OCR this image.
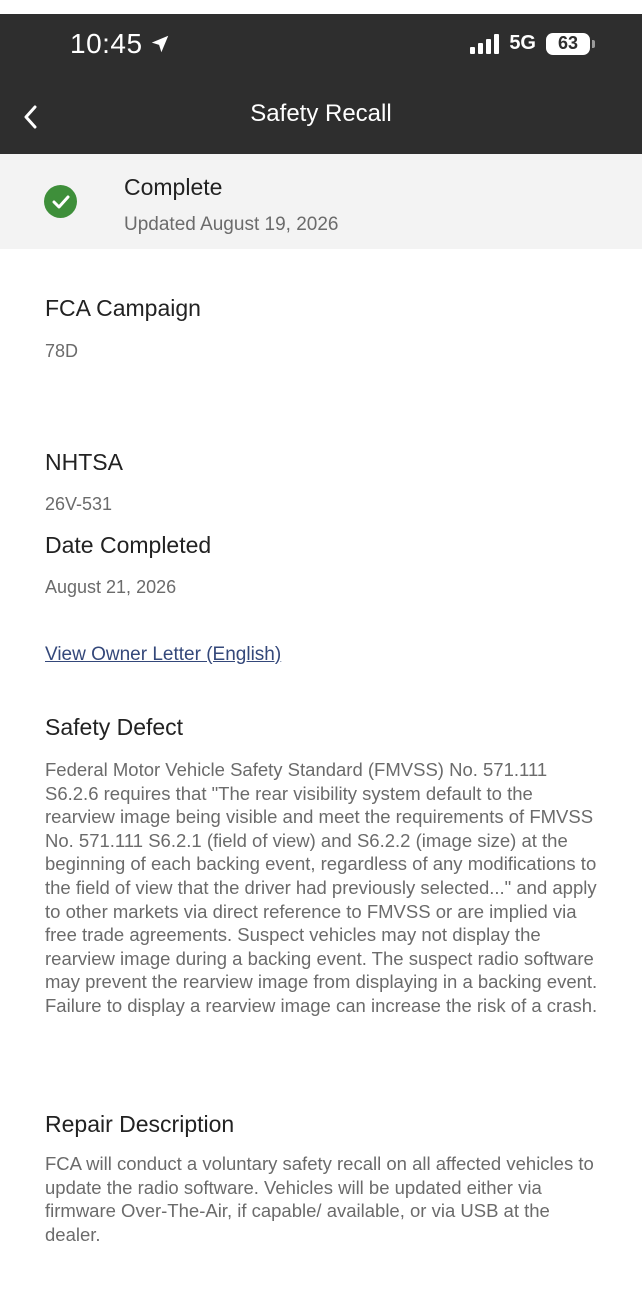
10:45	5G 63
Safety Recall
Complete
Updated August 19, 2026
FCA Campaign
78D
NHTSA
26V-531
Date Completed
August 21, 2026
View Owner Letter (English)
Safety Defect
Federal Motor Vehicle Safety Standard (FMVSS) No. 571.111 S6.2.6 requires that "The rear visibility system default to the rearview image being visible and meet the requirements of FMVSS No. 571.111 S6.2.1 (field of view) and S6.2.2 (image size) at the beginning of each backing event, regardless of any modifications to the field of view that the driver had previously selected..." and apply to other markets via direct reference to FMVSS or are implied via free trade agreements. Suspect vehicles may not display the rearview image during a backing event. The suspect radio software may prevent the rearview image from displaying in a backing event. Failure to display a rearview image can increase the risk of a crash.
Repair Description
FCA will conduct a voluntary safety recall on all affected vehicles to update the radio software. Vehicles will be updated either via firmware Over-The-Air, if capable/ available, or via USB at the dealer.
